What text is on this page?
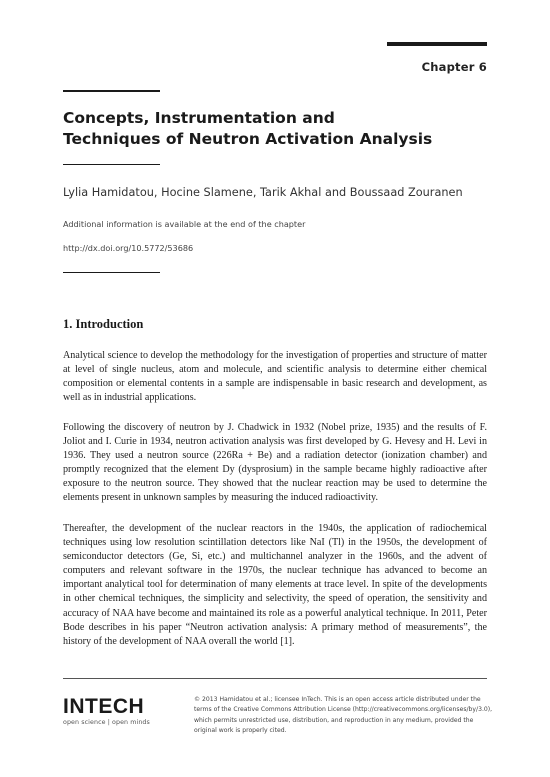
Chapter 6
Concepts, Instrumentation and
Techniques of Neutron Activation Analysis
Lylia Hamidatou, Hocine Slamene, Tarik Akhal and Boussaad Zouranen
Additional information is available at the end of the chapter
http://dx.doi.org/10.5772/53686
1. Introduction

Analytical science to develop the methodology for the investigation of properties and structure of matter at level of single nucleus, atom and molecule, and scientific analysis to determine either chemical composition or elemental contents in a sample are indispensable in basic research and development, as well as in industrial applications.

Following the discovery of neutron by J. Chadwick in 1932 (Nobel prize, 1935) and the results of F. Joliot and I. Curie in 1934, neutron activation analysis was first developed by G. Hevesy and H. Levi in 1936. They used a neutron source (226Ra + Be) and a radiation detector (ionization chamber) and promptly recognized that the element Dy (dysprosium) in the sample became highly radioactive after exposure to the neutron source. They showed that the nuclear reaction may be used to determine the elements present in unknown samples by measuring the induced radioactivity.

Thereafter, the development of the nuclear reactors in the 1940s, the application of radiochemical techniques using low resolution scintillation detectors like NaI (Tl) in the 1950s, the development of semiconductor detectors (Ge, Si, etc.) and multichannel analyzer in the 1960s, and the advent of computers and relevant software in the 1970s, the nuclear technique has advanced to become an important analytical tool for determination of many elements at trace level. In spite of the developments in other chemical techniques, the simplicity and selectivity, the speed of operation, the sensitivity and accuracy of NAA have become and maintained its role as a powerful analytical technique. In 2011, Peter Bode describes in his paper “Neutron activation analysis: A primary method of measurements”, the history of the development of NAA overall the world [1].

INTECH
open science | open minds
© 2013 Hamidatou et al.; licensee InTech. This is an open access article distributed under the terms of the Creative Commons Attribution License (http://creativecommons.org/licenses/by/3.0), which permits unrestricted use, distribution, and reproduction in any medium, provided the original work is properly cited.
